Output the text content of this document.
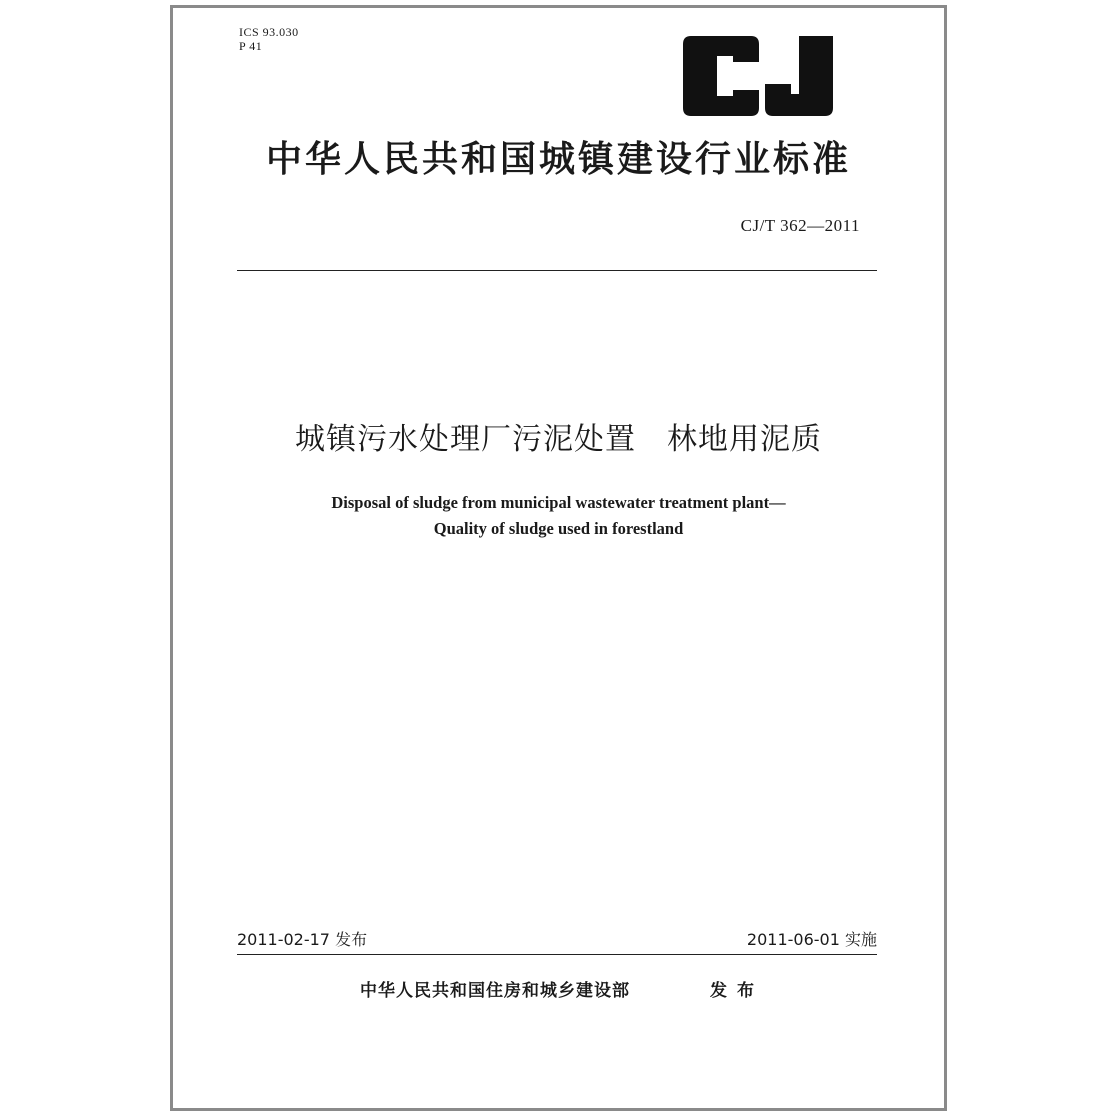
ICS 93.030
P 41
中华人民共和国城镇建设行业标准
CJ/T 362—2011
城镇污水处理厂污泥处置　林地用泥质
Disposal of sludge from municipal wastewater treatment plant—
Quality of sludge used in forestland
2011-02-17 发布	2011-06-01 实施
中华人民共和国住房和城乡建设部	发布
